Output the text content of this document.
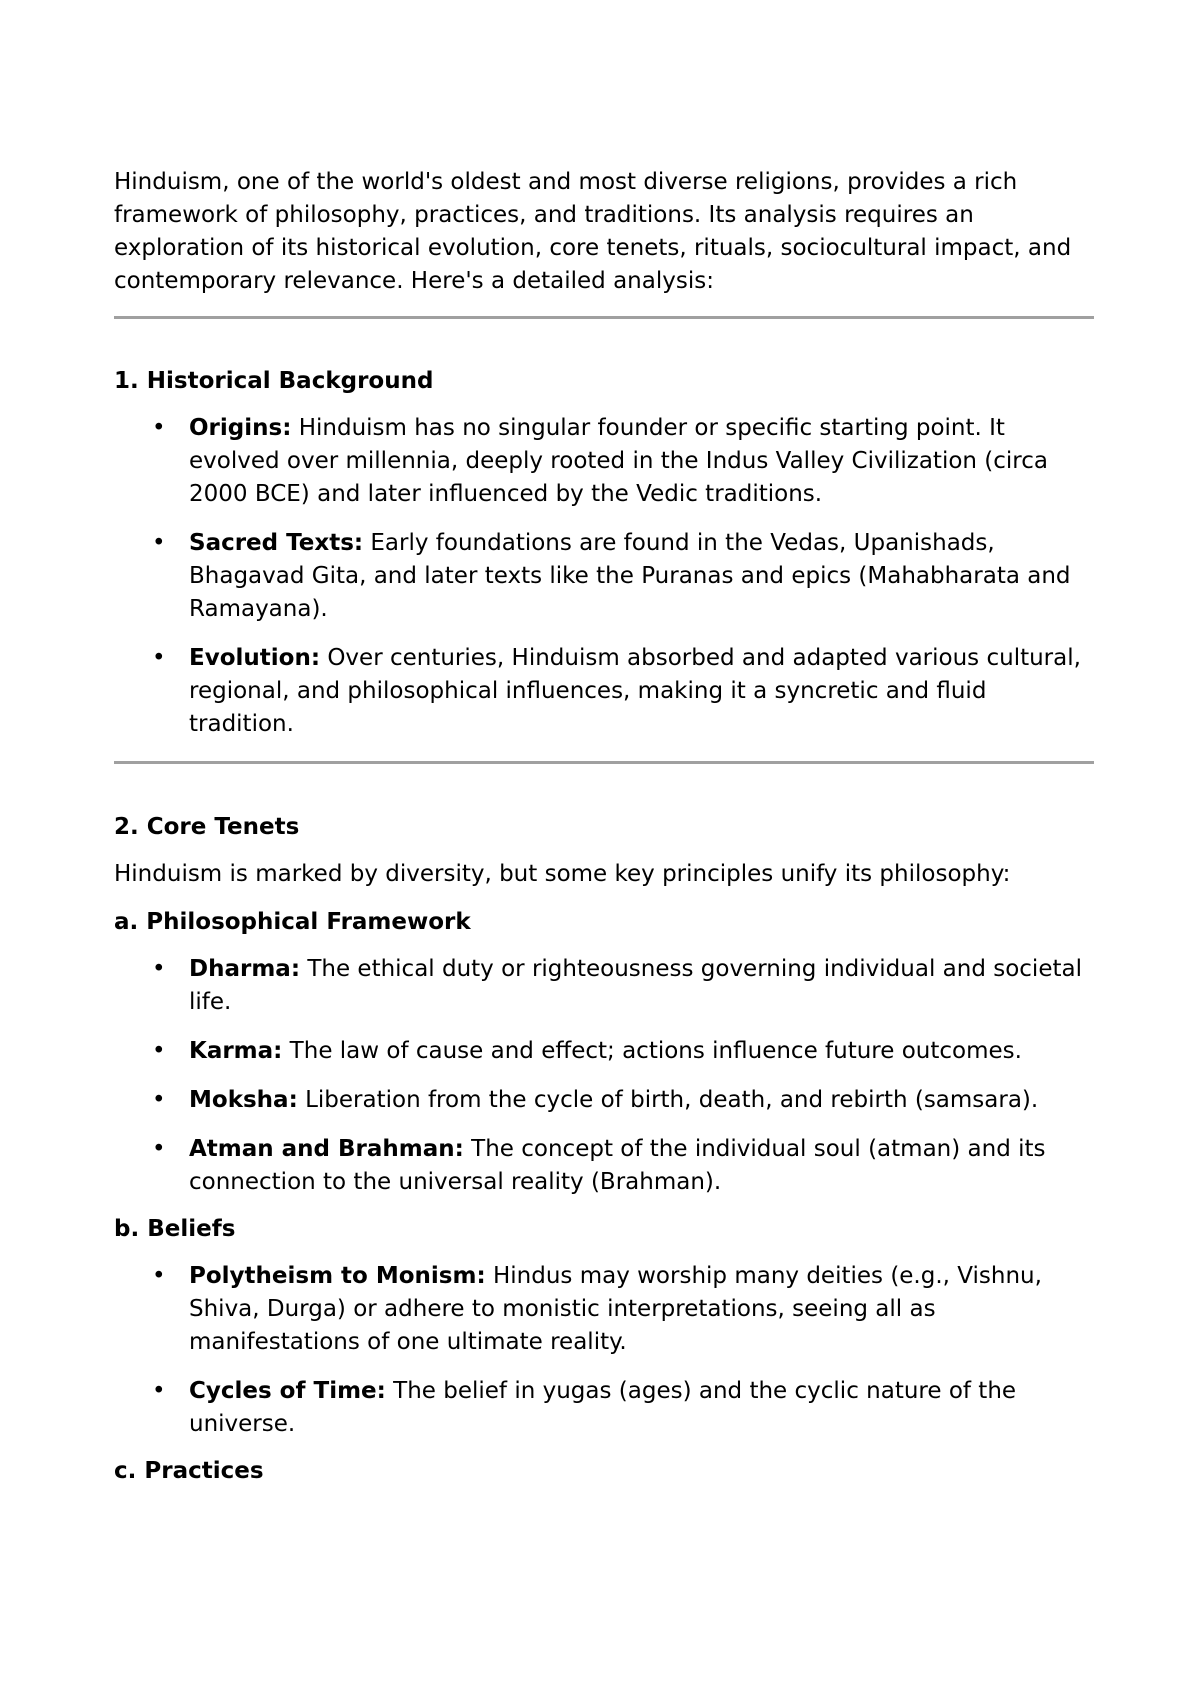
Hinduism, one of the world's oldest and most diverse religions, provides a rich framework of philosophy, practices, and traditions. Its analysis requires an exploration of its historical evolution, core tenets, rituals, sociocultural impact, and contemporary relevance. Here's a detailed analysis:

1. Historical Background
• Origins: Hinduism has no singular founder or specific starting point. It evolved over millennia, deeply rooted in the Indus Valley Civilization (circa 2000 BCE) and later influenced by the Vedic traditions.
• Sacred Texts: Early foundations are found in the Vedas, Upanishads, Bhagavad Gita, and later texts like the Puranas and epics (Mahabharata and Ramayana).
• Evolution: Over centuries, Hinduism absorbed and adapted various cultural, regional, and philosophical influences, making it a syncretic and fluid tradition.
2. Core Tenets

Hinduism is marked by diversity, but some key principles unify its philosophy:

a. Philosophical Framework
• Dharma: The ethical duty or righteousness governing individual and societal life.
• Karma: The law of cause and effect; actions influence future outcomes.
• Moksha: Liberation from the cycle of birth, death, and rebirth (samsara).
• Atman and Brahman: The concept of the individual soul (atman) and its connection to the universal reality (Brahman).
b. Beliefs
• Polytheism to Monism: Hindus may worship many deities (e.g., Vishnu, Shiva, Durga) or adhere to monistic interpretations, seeing all as manifestations of one ultimate reality.
• Cycles of Time: The belief in yugas (ages) and the cyclic nature of the universe.
c. Practices
